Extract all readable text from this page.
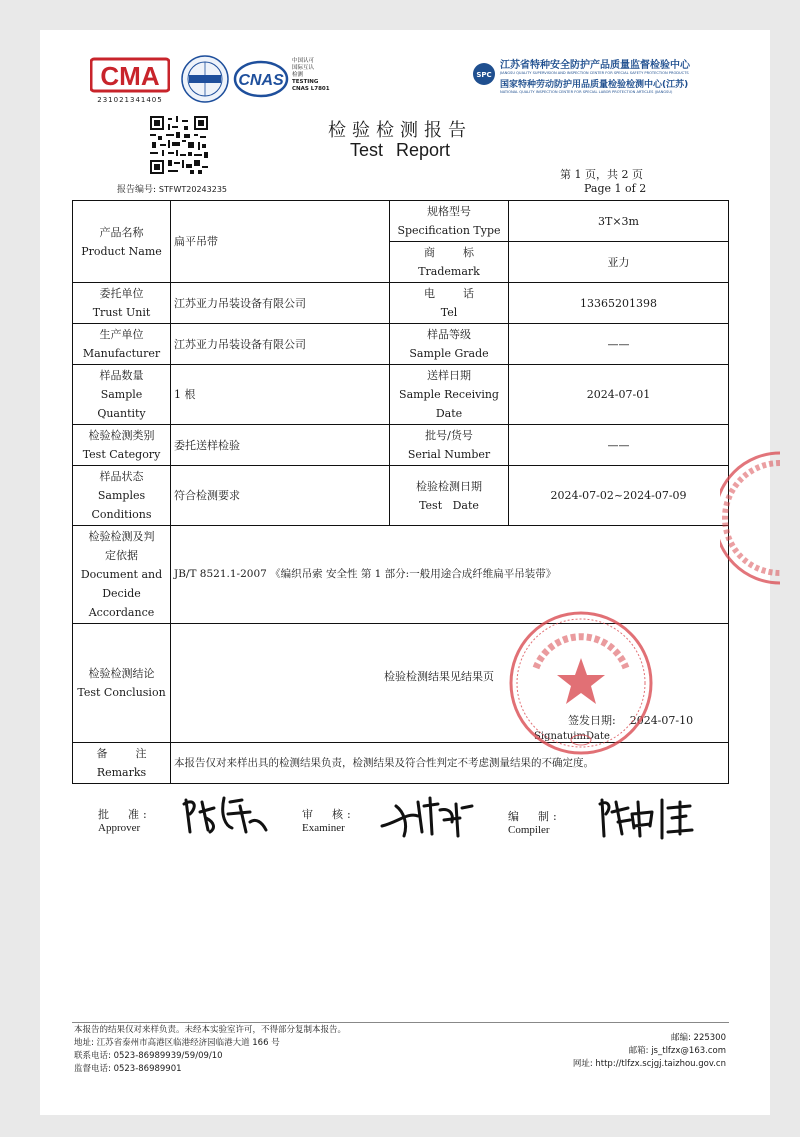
CMA
231021341405
CNAS
中国认可
国际互认
检测
TESTING
CNAS L7801
SPC
江苏省特种安全防护产品质量监督检验中心
JIANGSU QUALITY SUPERVISION AND INSPECTION CENTER FOR SPECIAL SAFETY PROTECTION PRODUCTS
国家特种劳动防护用品质量检验检测中心(江苏)
NATIONAL QUALITY INSPECTION CENTER FOR SPECIAL LABOR PROTECTION ARTICLES (JIANGSU)
检验检测报告
Test Report
报告编号: STFWT20243235
第 1 页，共 2 页
Page 1 of 2
产品名称
Product Name	扁平吊带	规格型号
Specification Type	3T×3m

		商        标
Trademark	亚力

委托单位
Trust Unit	江苏亚力吊装设备有限公司	电        话
Tel	13365201398

生产单位
Manufacturer	江苏亚力吊装设备有限公司	样品等级
Sample Grade	——

样品数量
Sample
Quantity	1 根	送样日期
Sample Receiving
Date	2024-07-01

检验检测类别
Test Category	委托送样检验	批号/货号
Serial Number	——

样品状态
Samples
Conditions	符合检测要求	检验检测日期
Test   Date	2024-07-02~2024-07-09

检验检测及判
定依据
Document and
Decide
Accordance	JB/T 8521.1-2007 《编织吊索 安全性 第 1 部分:一般用途合成纤维扁平吊装带》		

检验检测结论
Test Conclusion	检验检测结果见结果页
签发日期:    2024-07-10
SignatuimDate		

备        注
Remarks	本报告仅对来样出具的检测结果负责，检测结果及符合性判定不考虑测量结果的不确定度。		
批  准:
Approver
审  核:
Examiner
编  制:
Compiler
本报告的结果仅对来样负责。未经本实验室许可，不得部分复制本报告。
地址: 江苏省泰州市高港区临港经济园临港大道 166 号
联系电话: 0523-86989939/59/09/10
监督电话: 0523-86989901
邮编: 225300
邮箱: js_tlfzx@163.com
网址: http://tlfzx.scjgj.taizhou.gov.cn
